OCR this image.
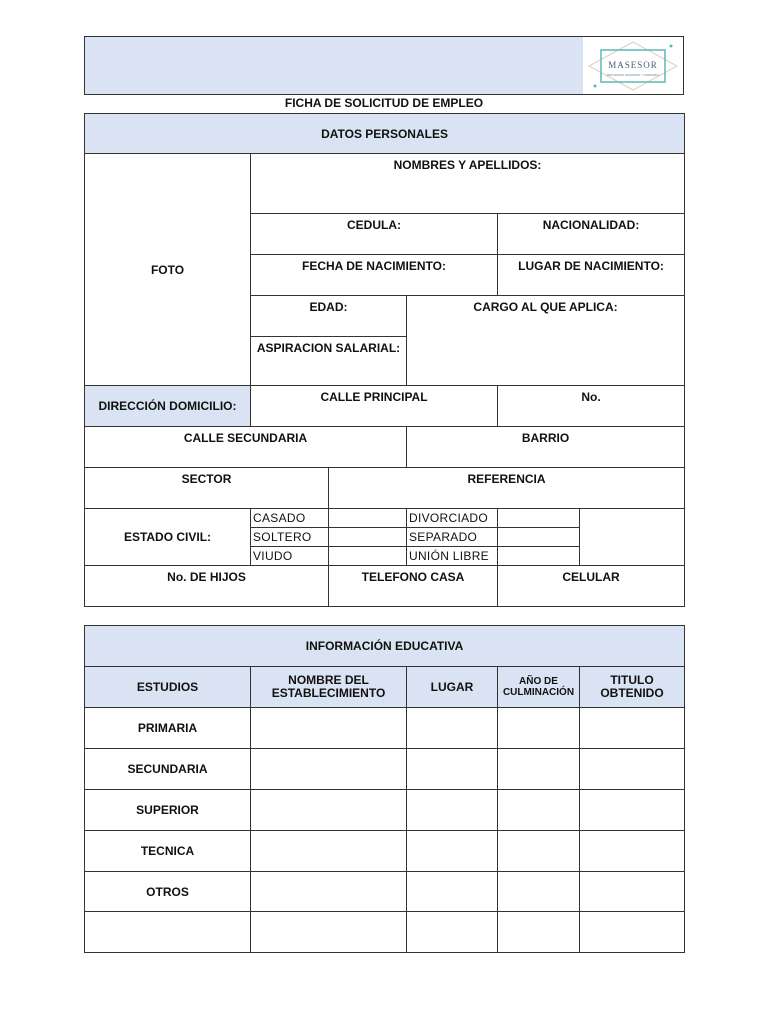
MASESOR
RECURSOS HUMANOS Y ASESORIA
FICHA DE SOLICITUD DE EMPLEO
DATOS PERSONALES					
FOTO	NOMBRES Y APELLIDOS:				

	CEDULA:			NACIONALIDAD:	

	FECHA DE NACIMIENTO:			LUGAR DE NACIMIENTO:	

	EDAD:		CARGO AL QUE APLICA:		

	ASPIRACION SALARIAL:				

DIRECCIÓN DOMICILIO:	CALLE PRINCIPAL			No.	

CALLE SECUNDARIA			BARRIO		

SECTOR		REFERENCIA			

ESTADO CIVIL:	CASADO		DIVORCIADO		
	SOLTERO		SEPARADO		
	VIUDO		UNIÓN LIBRE		

No. DE HIJOS		TELEFONO CASA		CELULAR	
INFORMACIÓN EDUCATIVA				
ESTUDIOS	NOMBRE DEL ESTABLECIMIENTO	LUGAR	AÑO DE CULMINACIÓN	TITULO OBTENIDO

PRIMARIA				
SECUNDARIA				
SUPERIOR				
TECNICA				
OTROS				
